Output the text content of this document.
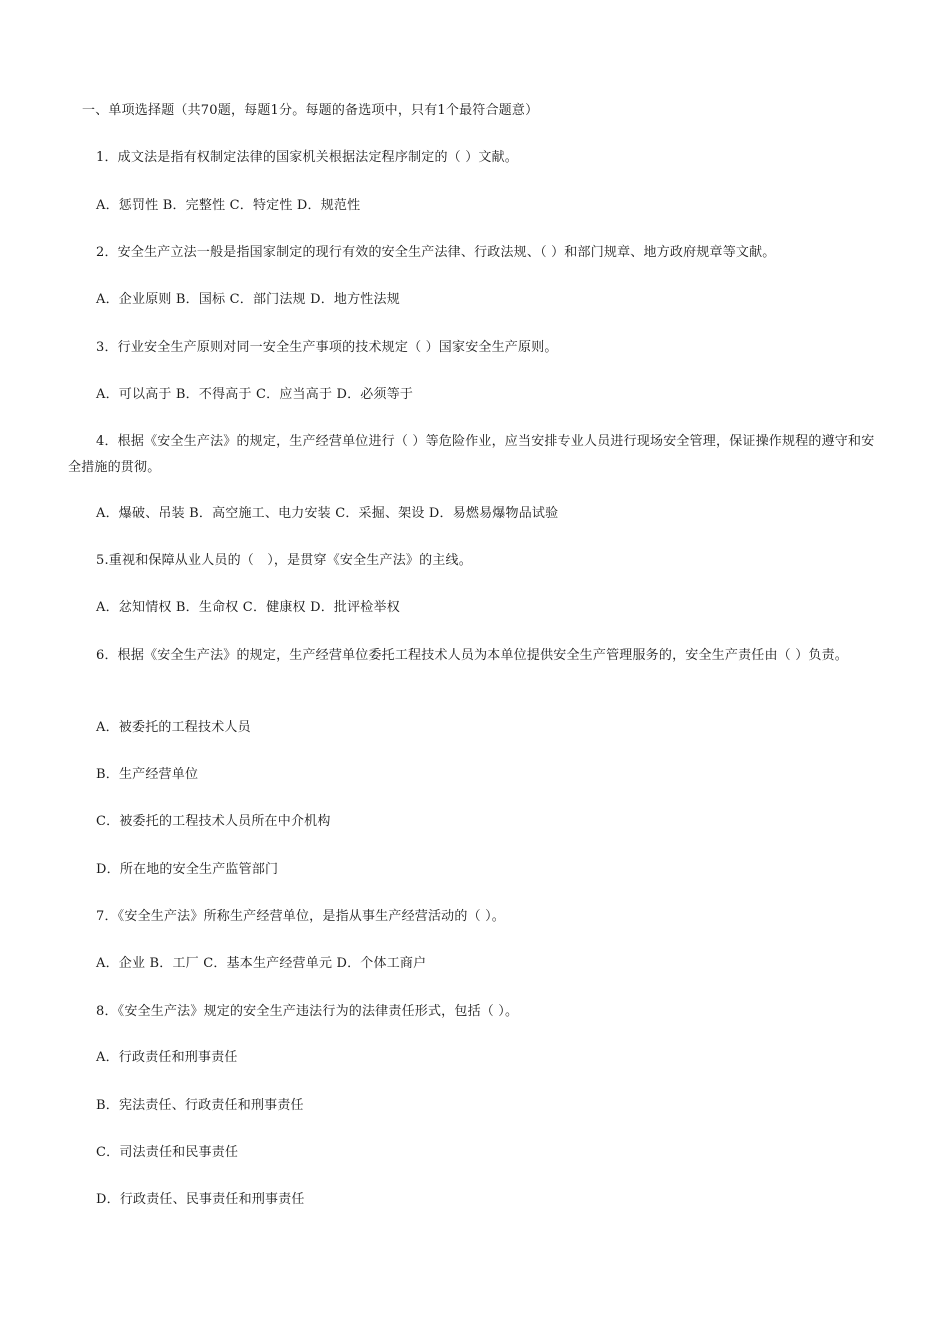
一、单项选择题（共70题，每题1分。每题的备选项中，只有1个最符合题意）
1．成文法是指有权制定法律的国家机关根据法定程序制定的（ ）文献。
A．惩罚性 B．完整性 C．特定性 D．规范性
2．安全生产立法一般是指国家制定的现行有效的安全生产法律、行政法规、（ ）和部门规章、地方政府规章等文献。
A．企业原则 B．国标 C．部门法规 D．地方性法规
3．行业安全生产原则对同一安全生产事项的技术规定（ ）国家安全生产原则。
A．可以高于 B．不得高于 C．应当高于 D．必须等于
4．根据《安全生产法》的规定，生产经营单位进行（ ）等危险作业，应当安排专业人员进行现场安全管理，保证操作规程的遵守和安全措施的贯彻。
A．爆破、吊装 B．高空施工、电力安装 C．采掘、架设 D．易燃易爆物品试验
5.重视和保障从业人员的（　），是贯穿《安全生产法》的主线。
A．忿知情权 B．生命权 C．健康权 D．批评检举权
6．根据《安全生产法》的规定，生产经营单位委托工程技术人员为本单位提供安全生产管理服务的，安全生产责任由（ ）负责。
A．被委托的工程技术人员
B．生产经营单位
C．被委托的工程技术人员所在中介机构
D．所在地的安全生产监管部门
7．《安全生产法》所称生产经营单位，是指从事生产经营活动的（ ）。
A．企业 B．工厂 C．基本生产经营单元 D．个体工商户
8．《安全生产法》规定的安全生产违法行为的法律责任形式，包括（ ）。
A．行政责任和刑事责任
B．宪法责任、行政责任和刑事责任
C．司法责任和民事责任
D．行政责任、民事责任和刑事责任
